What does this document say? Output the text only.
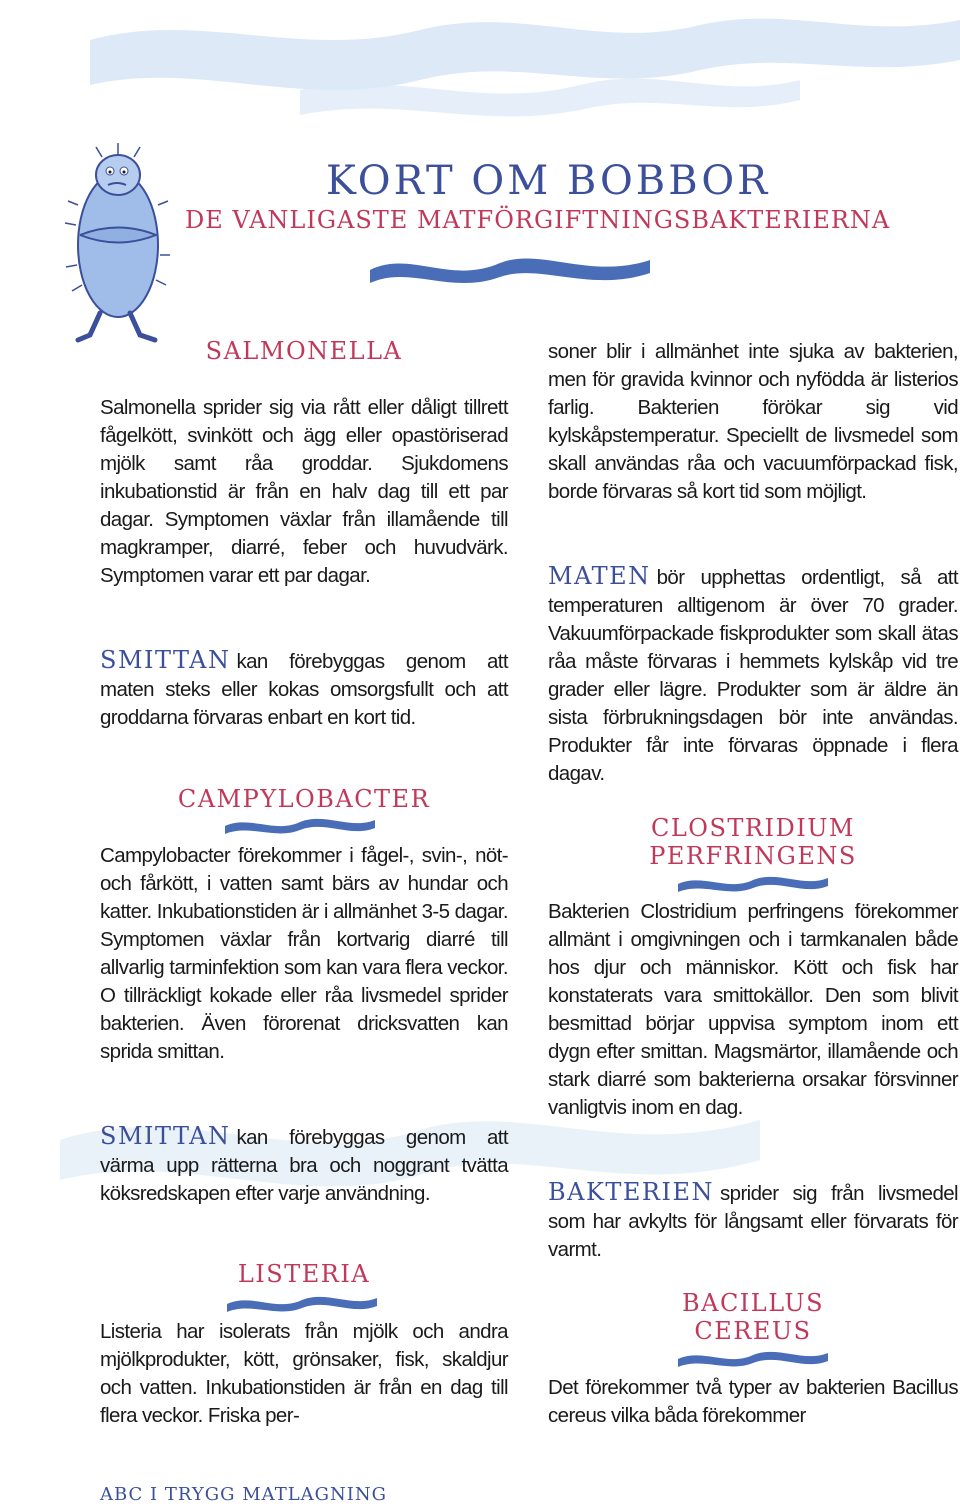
KORT OM BOBBOR
DE VANLIGASTE MATFÖRGIFTNINGSBAKTERIERNA
SALMONELLA
Salmonella sprider sig via rått eller dåligt tillrett fågelkött, svinkött och ägg eller opastöriserad mjölk samt råa groddar. Sjukdomens inkubationstid är från en halv dag till ett par dagar. Symptomen växlar från illamående till magkramper, diarré, feber och huvudvärk. Symptomen varar ett par dagar.
SMITTAN kan förebyggas genom att maten steks eller kokas omsorgsfullt och att groddarna förvaras enbart en kort tid.
CAMPYLOBACTER
Campylobacter förekommer i fågel-, svin-, nöt- och fårkött, i vatten samt bärs av hundar och katter. Inkubationstiden är i allmänhet 3-5 dagar. Symptomen växlar från kortvarig diarré till allvarlig tarminfektion som kan vara flera veckor. O tillräckligt kokade eller råa livsmedel sprider bakterien. Även förorenat dricksvatten kan sprida smittan.
SMITTAN kan förebyggas genom att värma upp rätterna bra och noggrant tvätta köksredskapen efter varje användning.
LISTERIA
Listeria har isolerats från mjölk och andra mjölkprodukter, kött, grönsaker, fisk, skaldjur och vatten. Inkubationstiden är från en dag till flera veckor. Friska per-
soner blir i allmänhet inte sjuka av bakterien, men för gravida kvinnor och nyfödda är listerios farlig. Bakterien förökar sig vid kylskåpstemperatur. Speciellt de livsmedel som skall användas råa och vacuumförpackad fisk, borde förvaras så kort tid som möjligt.
MATEN bör upphettas ordentligt, så att temperaturen alltigenom är över 70 grader. Vakuumförpackade fiskprodukter som skall ätas råa måste förvaras i hemmets kylskåp vid tre grader eller lägre. Produkter som är äldre än sista förbrukningsdagen bör inte användas. Produkter får inte förvaras öppnade i flera dagav.
CLOSTRIDIUM
PERFRINGENS
Bakterien Clostridium perfringens förekommer allmänt i omgivningen och i tarmkanalen både hos djur och människor. Kött och fisk har konstaterats vara smittokällor. Den som blivit besmittad börjar uppvisa symptom inom ett dygn efter smittan. Magsmärtor, illamående och stark diarré som bakterierna orsakar försvinner vanligtvis inom en dag.
BAKTERIEN sprider sig från livsmedel som har avkylts för långsamt eller förvarats för varmt.
BACILLUS
CEREUS
Det förekommer två typer av bakterien Bacillus cereus vilka båda förekommer
ABC I TRYGG MATLAGNING
